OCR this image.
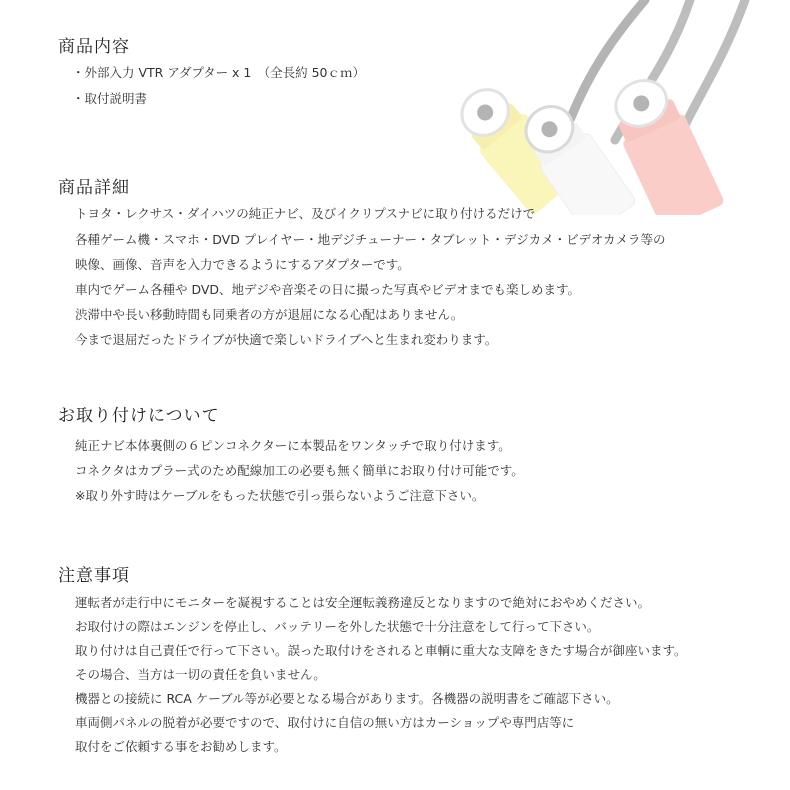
商品内容
・外部入力 VTR アダプター x 1　（全長約 50ｃｍ）
・取付説明書
商品詳細
トヨタ・レクサス・ダイハツの純正ナビ、及びイクリプスナビに取り付けるだけで
各種ゲーム機・スマホ・DVD プレイヤー・地デジチューナー・タブレット・デジカメ・ビデオカメラ等の
映像、画像、音声を入力できるようにするアダプターです。
車内でゲーム各種や DVD、地デジや音楽その日に撮った写真やビデオまでも楽しめます。
渋滞中や長い移動時間も同乗者の方が退屈になる心配はありません。
今まで退屈だったドライブが快適で楽しいドライブへと生まれ変わります。
お取り付けについて
純正ナビ本体裏側の６ピンコネクターに本製品をワンタッチで取り付けます。
コネクタはカプラー式のため配線加工の必要も無く簡単にお取り付け可能です。
※取り外す時はケーブルをもった状態で引っ張らないようご注意下さい。
注意事項
運転者が走行中にモニターを凝視することは安全運転義務違反となりますので絶対におやめください。
お取付けの際はエンジンを停止し、バッテリーを外した状態で十分注意をして行って下さい。
取り付けは自己責任で行って下さい。誤った取付けをされると車輌に重大な支障をきたす場合が御座います。
その場合、当方は一切の責任を負いません。
機器との接続に RCA ケーブル等が必要となる場合があります。各機器の説明書をご確認下さい。
車両側パネルの脱着が必要ですので、取付けに自信の無い方はカーショップや専門店等に
取付をご依頼する事をお勧めします。
